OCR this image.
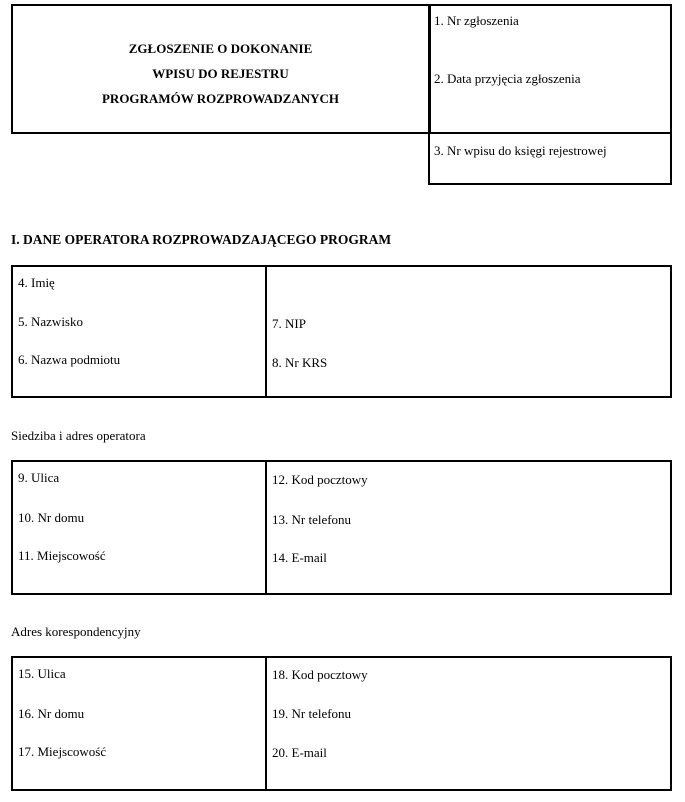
ZGŁOSZENIE O DOKONANIE
WPISU DO REJESTRU
PROGRAMÓW ROZPROWADZANYCH
1. Nr zgłoszenia
2. Data przyjęcia zgłoszenia
3. Nr wpisu do księgi rejestrowej
I. DANE OPERATORA ROZPROWADZAJĄCEGO PROGRAM
4. Imię
5. Nazwisko
6. Nazwa podmiotu
7. NIP
8. Nr KRS
Siedziba i adres operatora
9. Ulica
10. Nr domu
11. Miejscowość
12. Kod pocztowy
13. Nr telefonu
14. E-mail
Adres korespondencyjny
15. Ulica
16. Nr domu
17. Miejscowość
18. Kod pocztowy
19. Nr telefonu
20. E-mail
